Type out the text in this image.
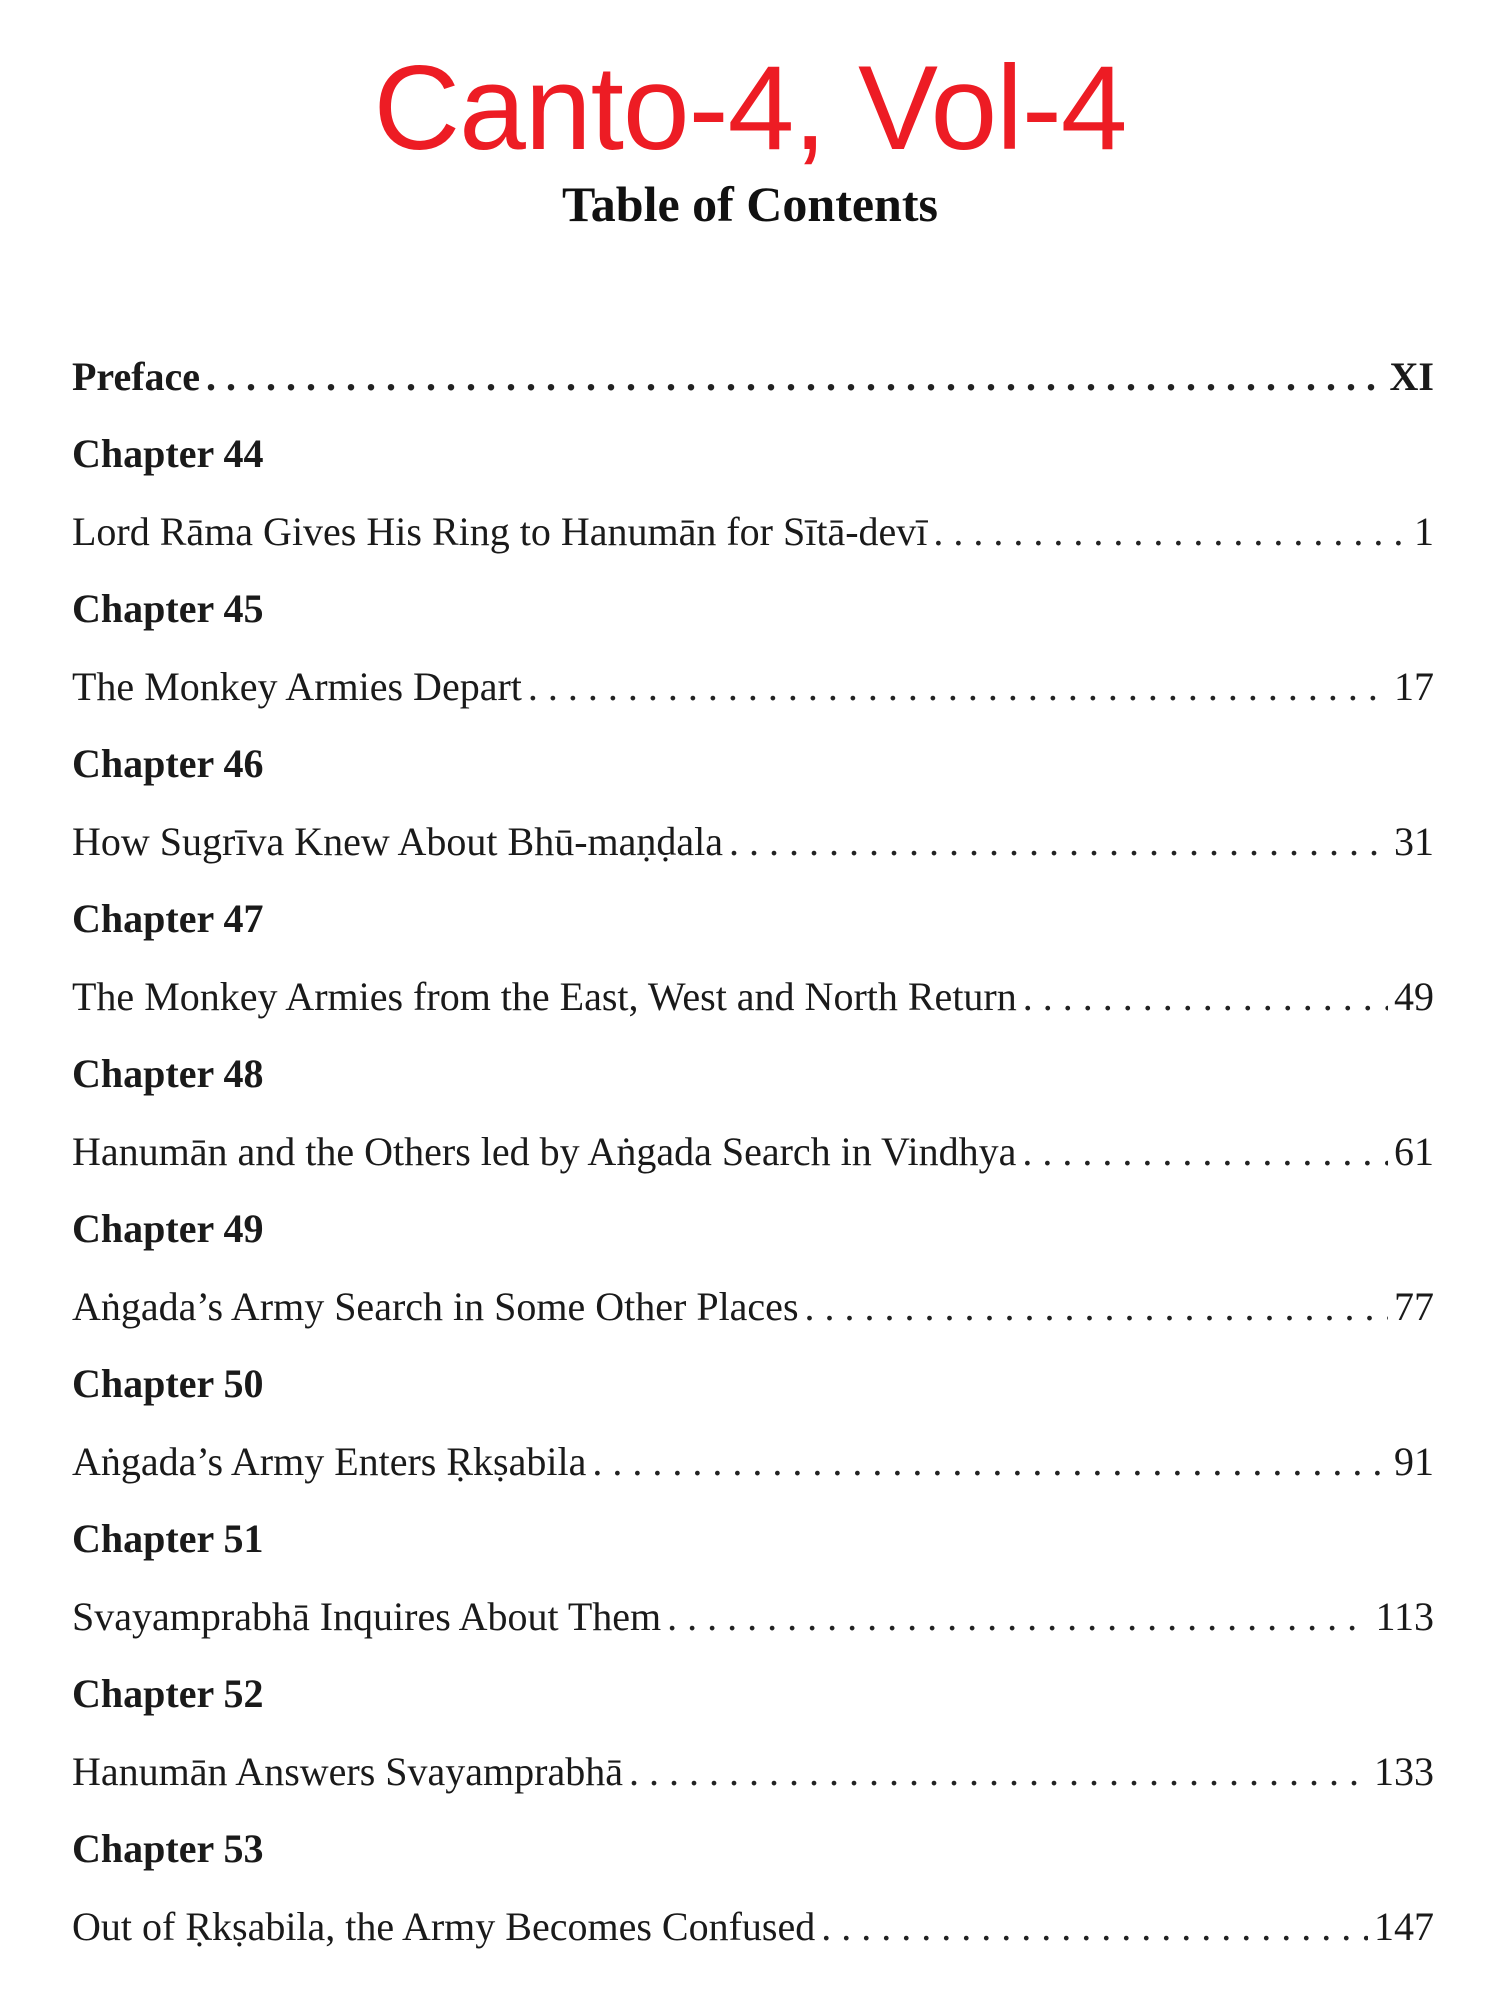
Canto-4, Vol-4
Table of Contents
Preface . . .	XI
Chapter 44
Lord Rāma Gives His Ring to Hanumān for Sītā-devī . . .	1
Chapter 45
The Monkey Armies Depart . . .	17
Chapter 46
How Sugrīva Knew About Bhū-maṇḍala . . .	31
Chapter 47
The Monkey Armies from the East, West and North Return . . .	49
Chapter 48
Hanumān and the Others led by Aṅgada Search in Vindhya . . .	61
Chapter 49
Aṅgada’s Army Search in Some Other Places . . .	77
Chapter 50
Aṅgada’s Army Enters Ṛkṣabila . . .	91
Chapter 51
Svayamprabhā Inquires About Them . . .	113
Chapter 52
Hanumān Answers Svayamprabhā . . .	133
Chapter 53
Out of Ṛkṣabila, the Army Becomes Confused . . .	147
